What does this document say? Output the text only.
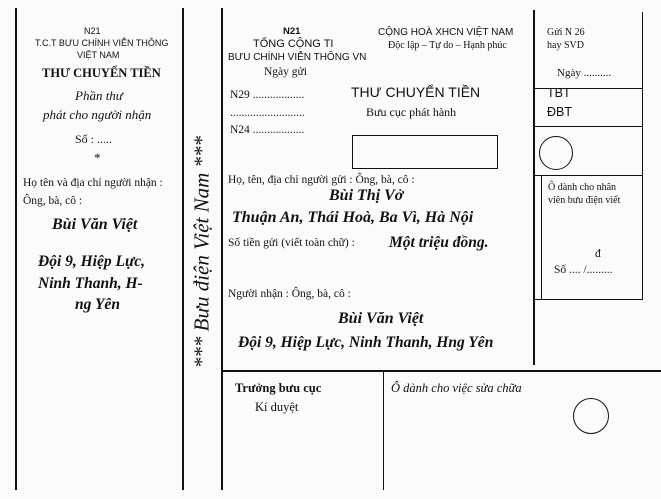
N21
T.C.T BƯU CHÍNH VIỄN THÔNG
VIỆT NAM
THƯ CHUYỂN TIỀN
Phần thư
phát cho người nhận
Số : .....
*
Họ tên và địa chỉ người nhận :
Ông, bà, cô :
Bùi Văn Việt
Đội 9, Hiệp Lực,
Ninh Thanh, H-
ng Yên	*** Bưu điện Việt Nam ***
N21
TỔNG CỘNG TI
BƯU CHÍNH VIỄN THÔNG VN
Ngày gửi
CỘNG HOÀ XHCN VIỆT NAM
Độc lập – Tự do – Hạnh phúc
N29 ..................
..........................
N24 ..................
THƯ CHUYỂN TIỀN
Bưu cục phát hành
Họ, tên, địa chỉ người gửi : Ông, bà, cô :
Bùi Thị Vở
Thuận An, Thái Hoà, Ba Vì, Hà Nội
Số tiền gửi (viết toàn chữ) : Một triệu đồng.
Người nhận : Ông, bà, cô :
Bùi Văn Việt
Đội 9, Hiệp Lực, Ninh Thanh, Hng Yên
Trưởng bưu cục
Kí duyệt
Ô dành cho việc sửa chữa
Gửi N 26
hay SVD
Ngày ..........
TBT
ĐBT
Ô dành cho nhân
viên bưu điện viết
đ
Số .... /.........
